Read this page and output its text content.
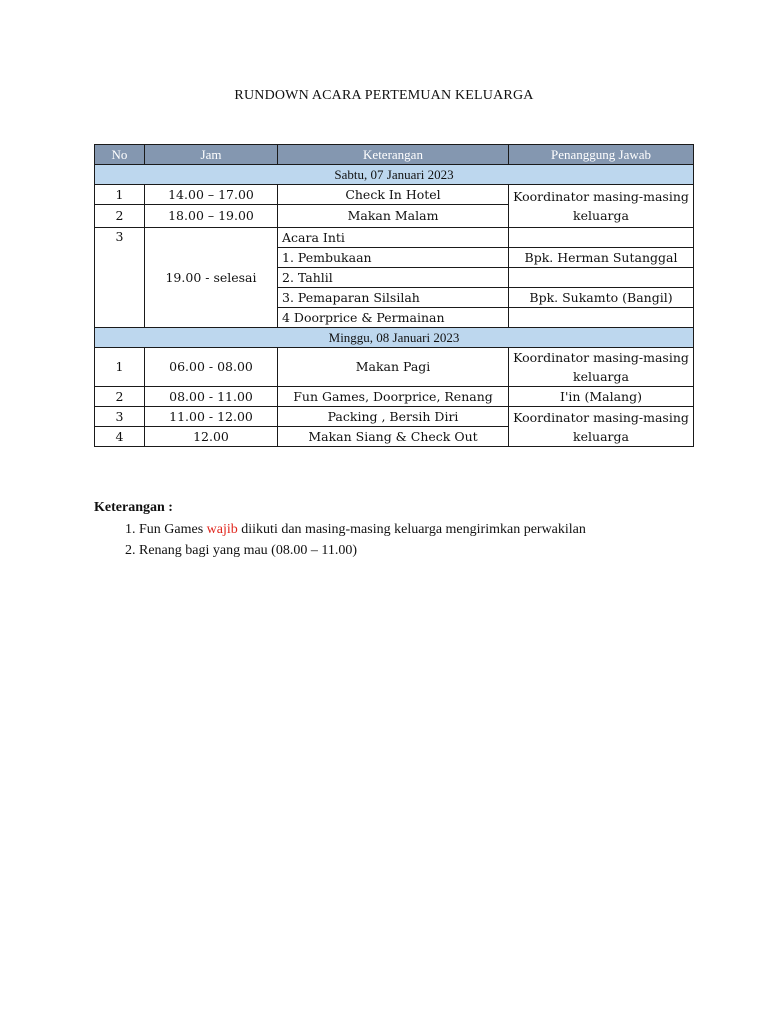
RUNDOWN ACARA PERTEMUAN KELUARGA
No	Jam	Keterangan	Penanggung Jawab
Sabtu, 07 Januari 2023			
1	14.00 – 17.00	Check In Hotel	Koordinator masing-masing keluarga
2	18.00 – 19.00	Makan Malam	
3	19.00 - selesai	Acara Inti	
		1. Pembukaan	Bpk. Herman Sutanggal
		2. Tahlil	
		3. Pemaparan Silsilah	Bpk. Sukamto (Bangil)
		4 Doorprice & Permainan	
Minggu, 08 Januari 2023			
1	06.00 - 08.00	Makan Pagi	Koordinator masing-masing keluarga
2	08.00 - 11.00	Fun Games, Doorprice, Renang	I'in (Malang)
3	11.00 - 12.00	Packing , Bersih Diri	Koordinator masing-masing keluarga
4	12.00	Makan Siang & Check Out	
Keterangan :
1. Fun Games wajib diikuti dan masing-masing keluarga mengirimkan perwakilan
2. Renang bagi yang mau (08.00 – 11.00)
